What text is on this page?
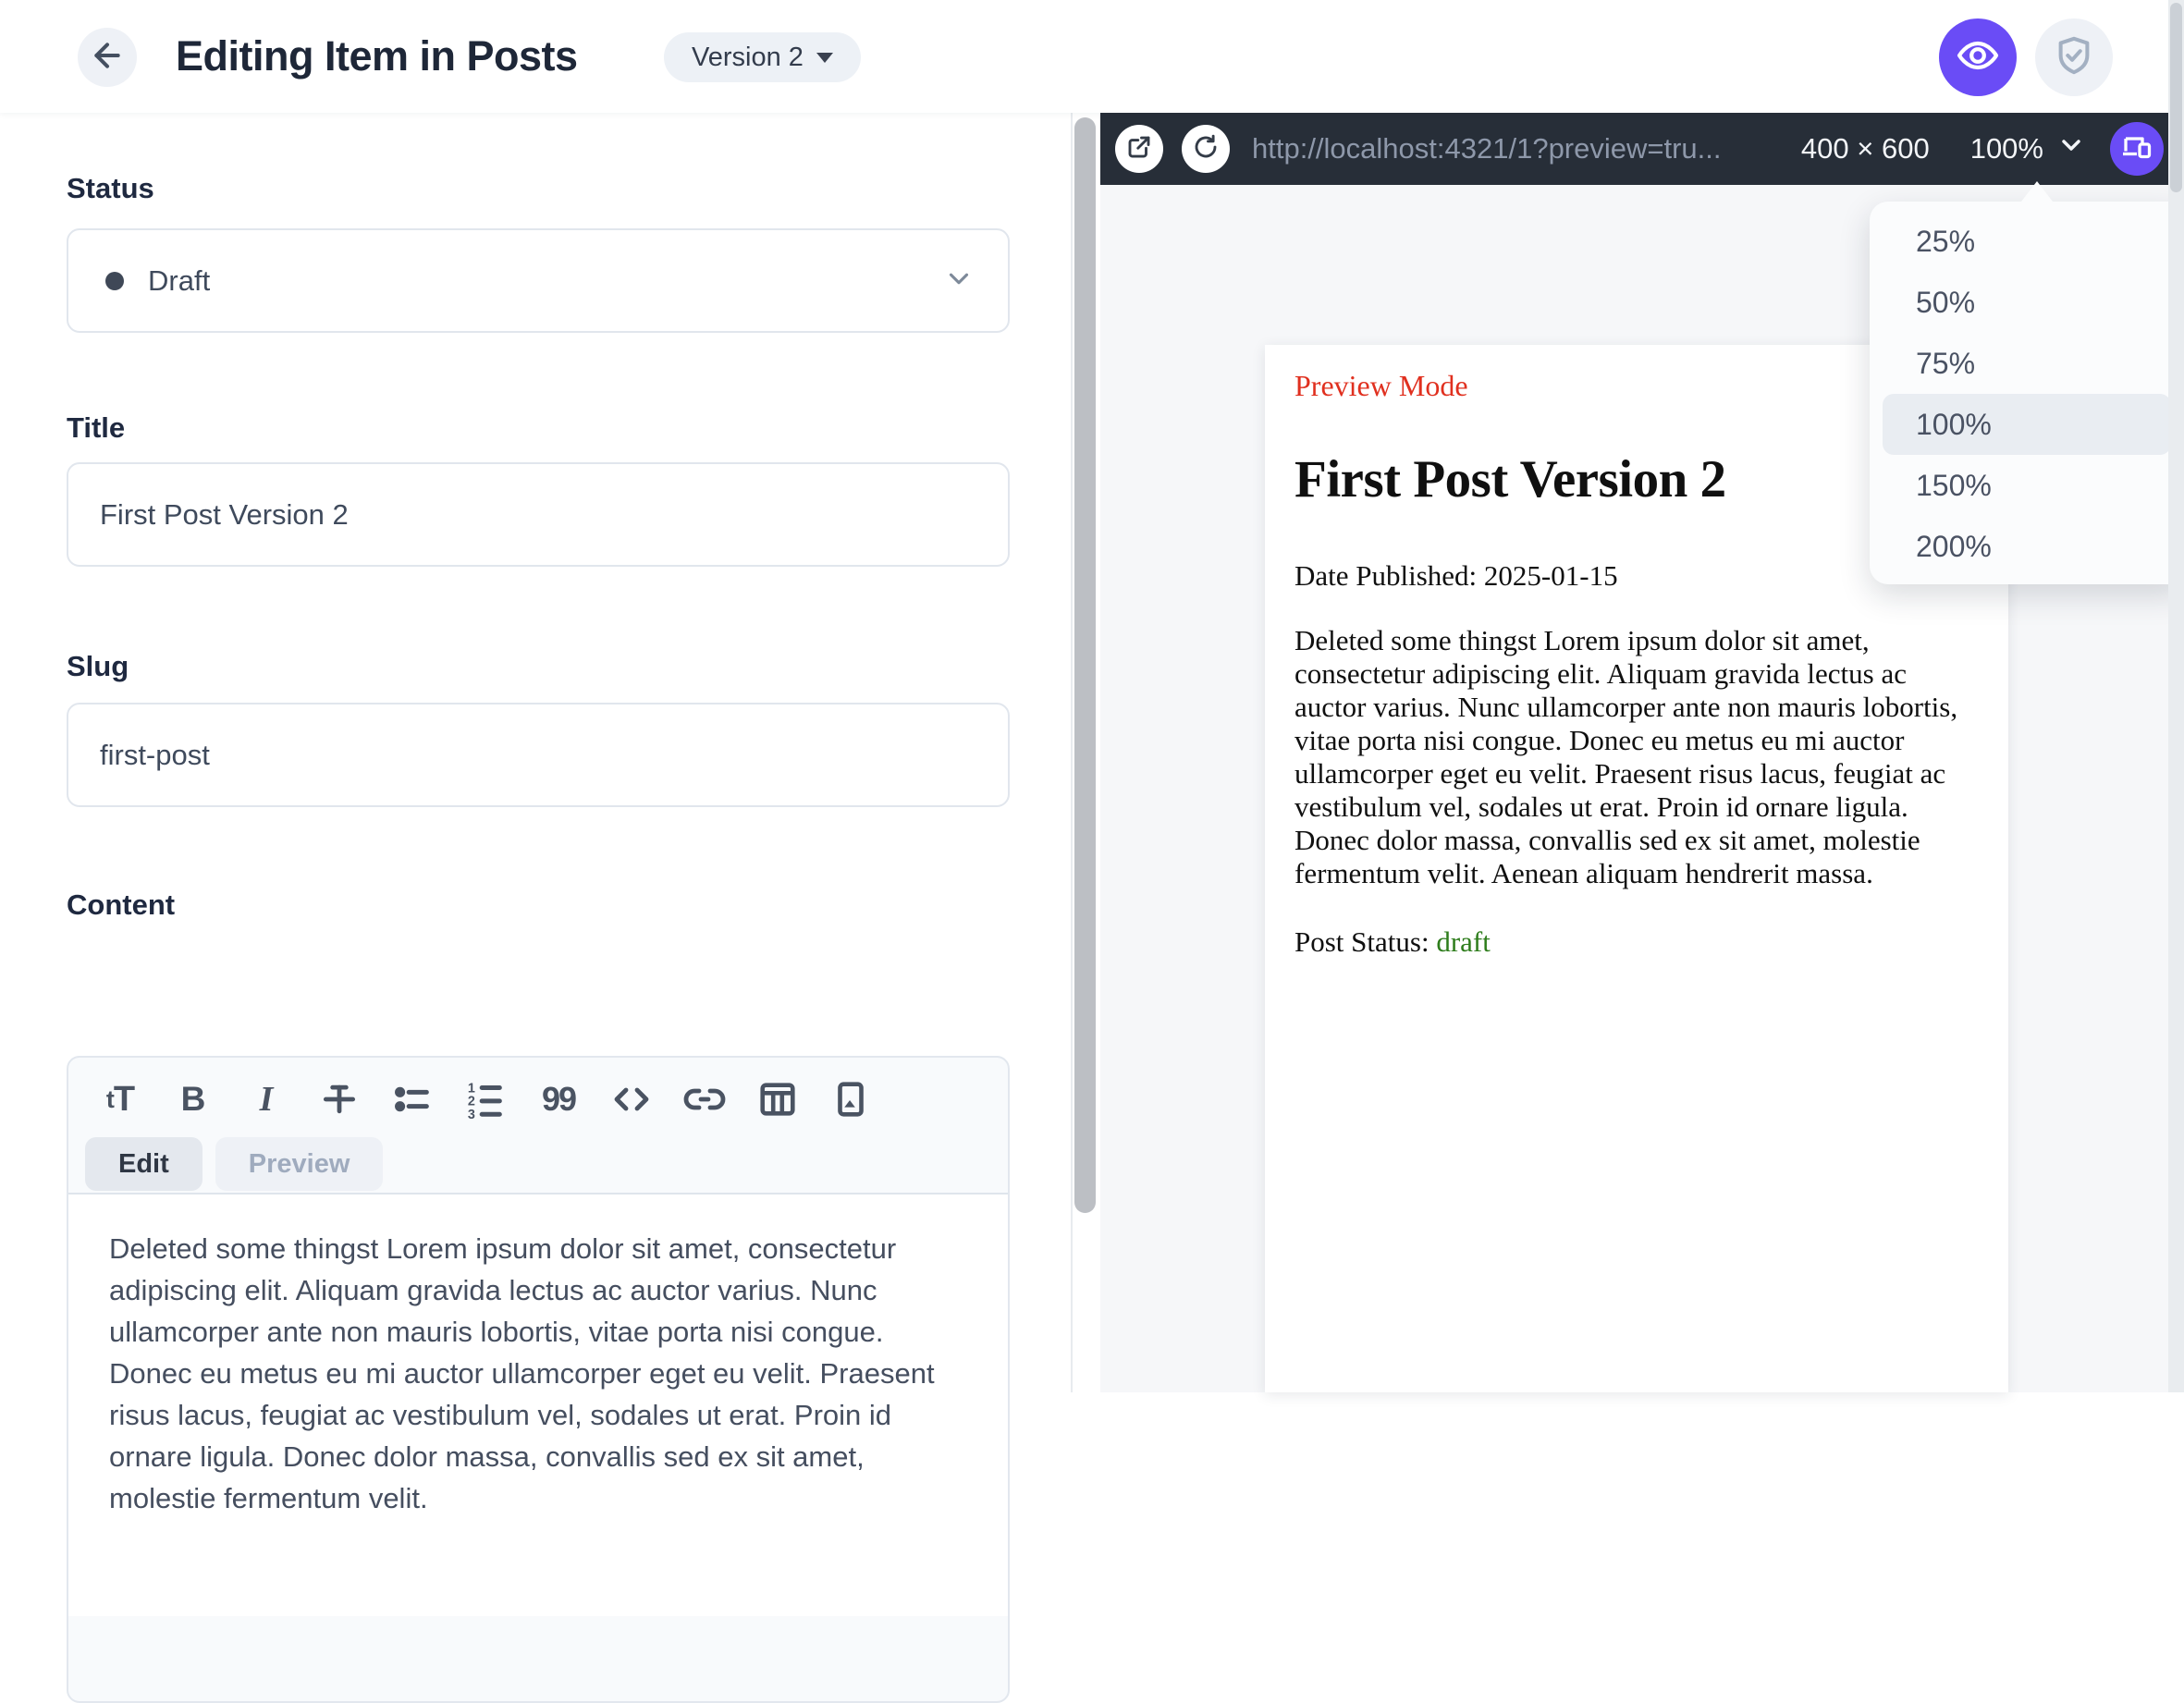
Editing Item in Posts	Version 2
Status
Draft
Title
First Post Version 2
Slug
first-post
Content
t T B	I	1
2
3 99
Edit	Preview
Deleted some thingst Lorem ipsum dolor sit amet, consectetur adipiscing elit. Aliquam gravida lectus ac auctor varius. Nunc ullamcorper ante non mauris lobortis, vitae porta nisi congue. Donec eu metus eu mi auctor ullamcorper eget eu velit. Praesent risus lacus, feugiat ac vestibulum vel, sodales ut erat. Proin id ornare ligula. Donec dolor massa, convallis sed ex sit amet, molestie fermentum velit.
http://localhost:4321/1?preview=tru...	400 × 600 100%

Preview Mode

First Post Version 2

Date Published: 2025-01-15

Deleted some thingst Lorem ipsum dolor sit amet, consectetur adipiscing elit. Aliquam gravida lectus ac auctor varius. Nunc ullamcorper ante non mauris lobortis, vitae porta nisi congue. Donec eu metus eu mi auctor ullamcorper eget eu velit. Praesent risus lacus, feugiat ac vestibulum vel, sodales ut erat. Proin id ornare ligula. Donec dolor massa, convallis sed ex sit amet, molestie fermentum velit. Aenean aliquam hendrerit massa.

Post Status: draft

25%
50%
75%
100%
150%
200%
